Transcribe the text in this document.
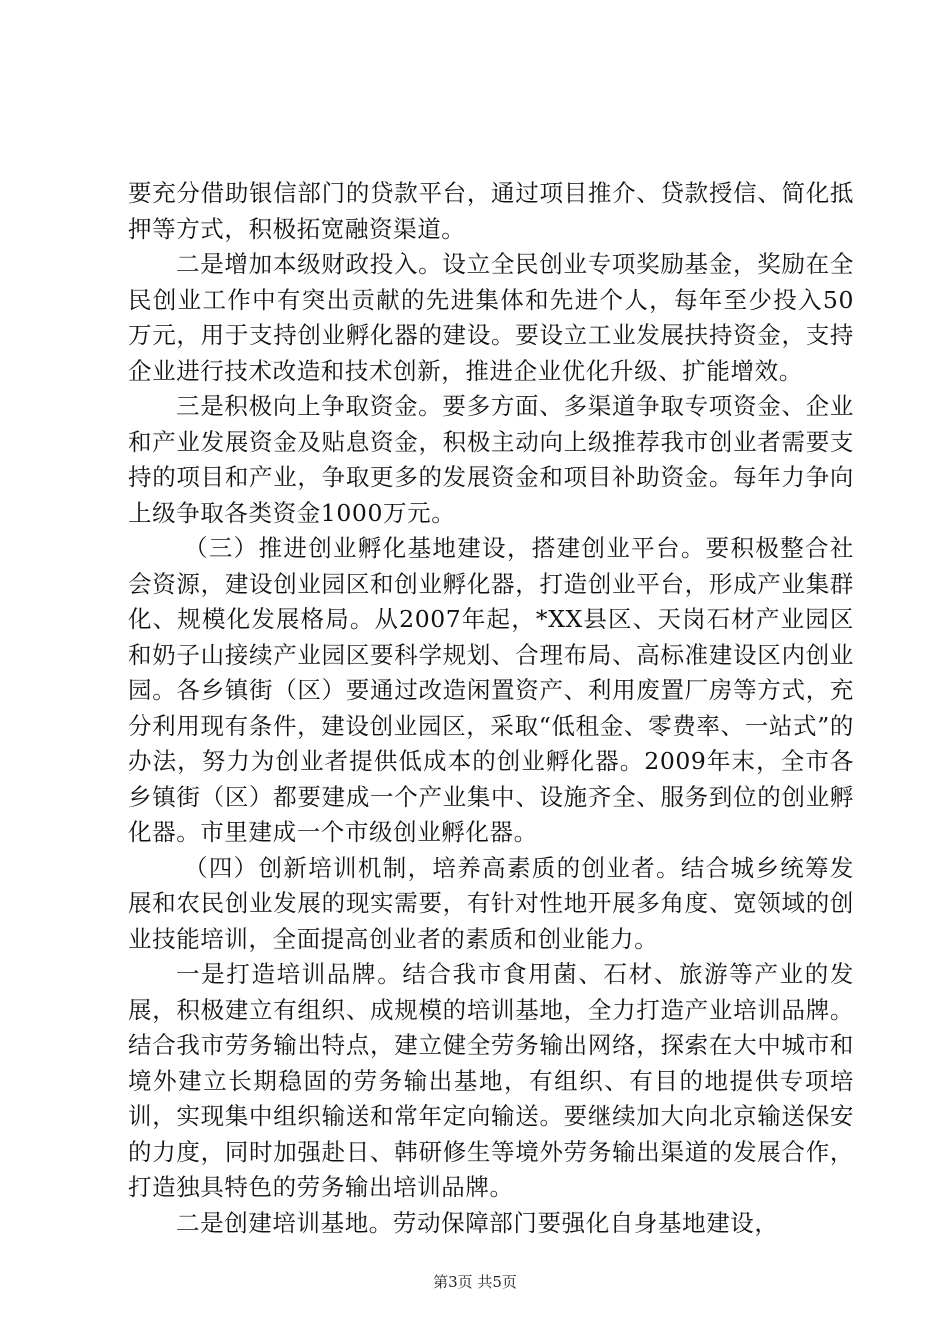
要充分借助银信部门的贷款平台，通过项目推介、贷款授信、简化抵押等方式，积极拓宽融资渠道。

二是增加本级财政投入。设立全民创业专项奖励基金，奖励在全民创业工作中有突出贡献的先进集体和先进个人，每年至少投入50万元，用于支持创业孵化器的建设。要设立工业发展扶持资金，支持企业进行技术改造和技术创新，推进企业优化升级、扩能增效。

三是积极向上争取资金。要多方面、多渠道争取专项资金、企业和产业发展资金及贴息资金，积极主动向上级推荐我市创业者需要支持的项目和产业，争取更多的发展资金和项目补助资金。每年力争向上级争取各类资金1000万元。

（三）推进创业孵化基地建设，搭建创业平台。要积极整合社会资源，建设创业园区和创业孵化器，打造创业平台，形成产业集群化、规模化发展格局。从2007年起，*XX县区、天岗石材产业园区和奶子山接续产业园区要科学规划、合理布局、高标准建设区内创业园。各乡镇街（区）要通过改造闲置资产、利用废置厂房等方式，充分利用现有条件，建设创业园区，采取“低租金、零费率、一站式”的办法，努力为创业者提供低成本的创业孵化器。2009年末，全市各乡镇街（区）都要建成一个产业集中、设施齐全、服务到位的创业孵化器。市里建成一个市级创业孵化器。

（四）创新培训机制，培养高素质的创业者。结合城乡统筹发展和农民创业发展的现实需要，有针对性地开展多角度、宽领域的创业技能培训，全面提高创业者的素质和创业能力。

一是打造培训品牌。结合我市食用菌、石材、旅游等产业的发展，积极建立有组织、成规模的培训基地，全力打造产业培训品牌。结合我市劳务输出特点，建立健全劳务输出网络，探索在大中城市和境外建立长期稳固的劳务输出基地，有组织、有目的地提供专项培训，实现集中组织输送和常年定向输送。要继续加大向北京输送保安的力度，同时加强赴日、韩研修生等境外劳务输出渠道的发展合作，打造独具特色的劳务输出培训品牌。

二是创建培训基地。劳动保障部门要强化自身基地建设，

第3页 共5页
